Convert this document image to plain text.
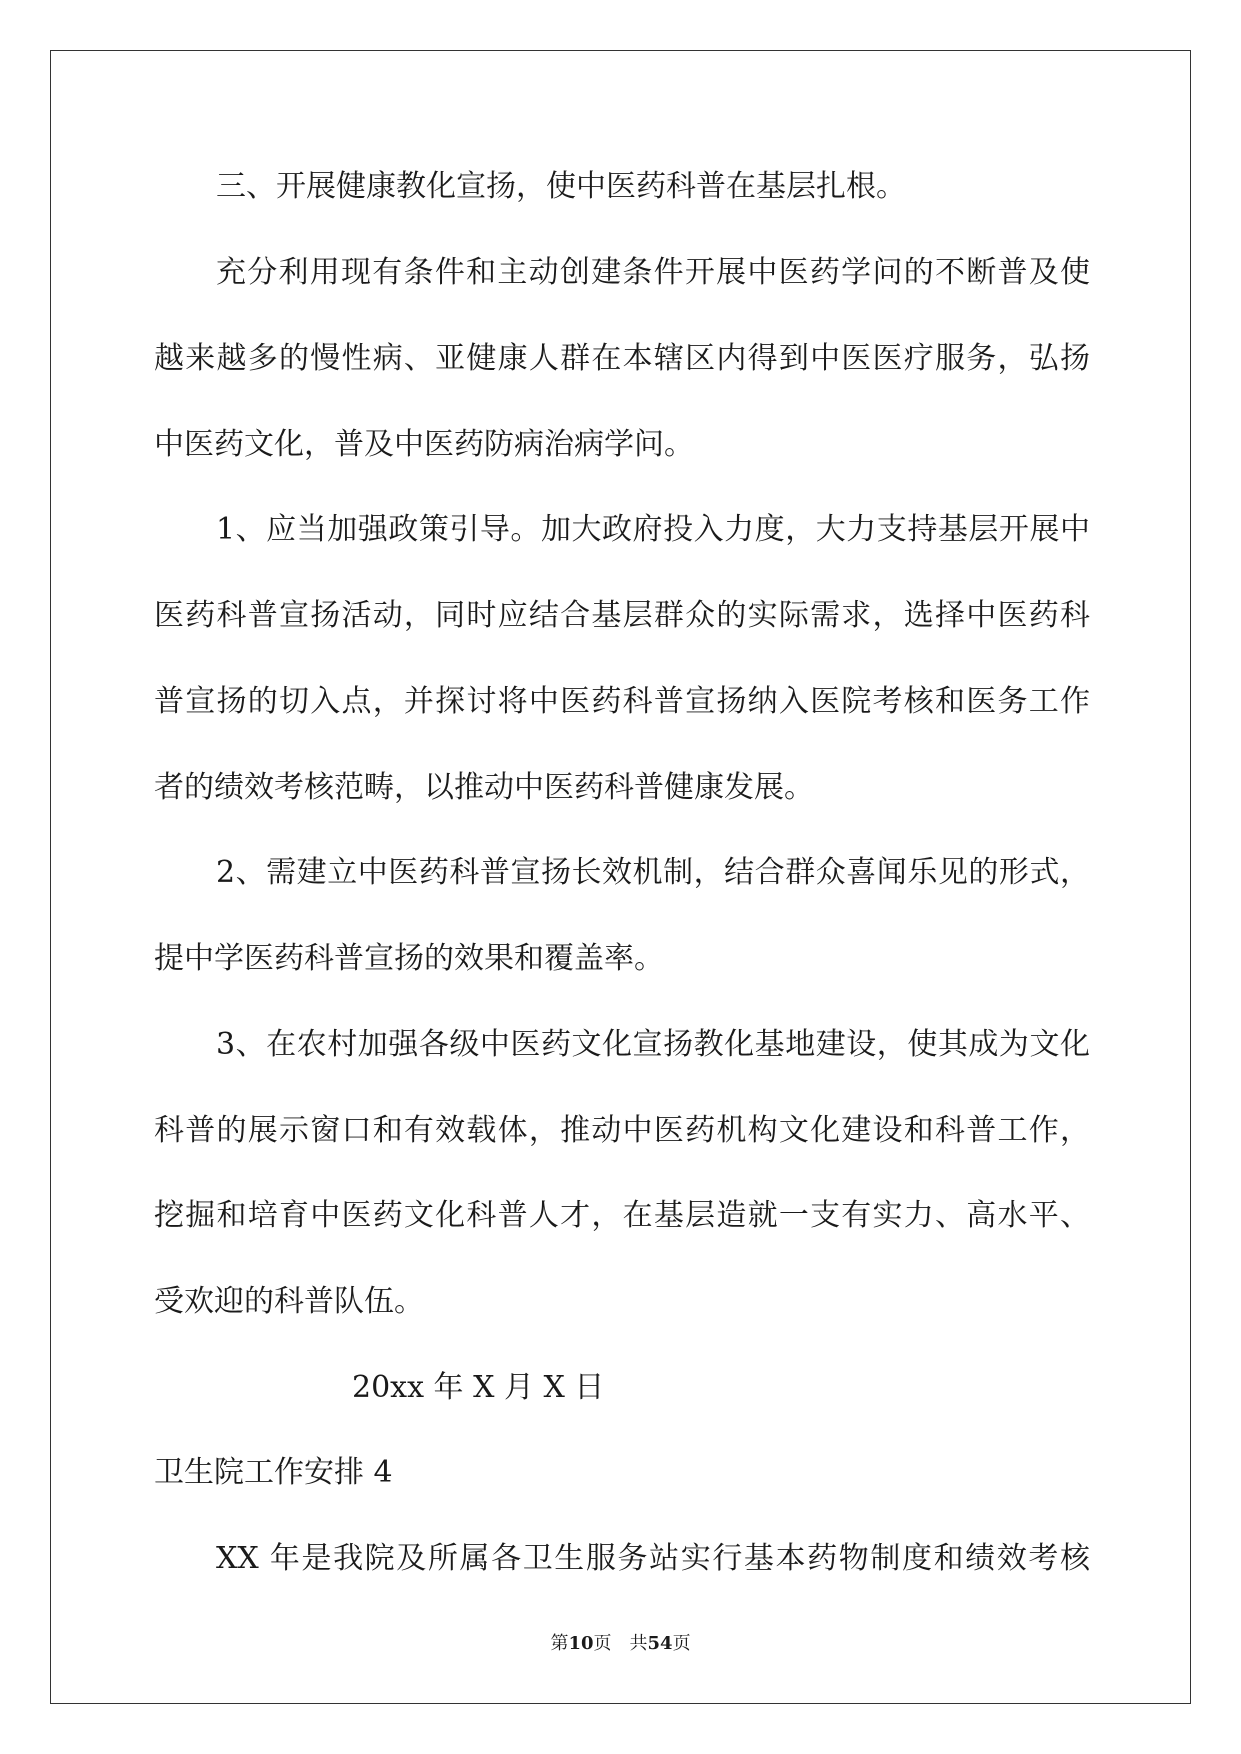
三、开展健康教化宣扬，使中医药科普在基层扎根。
充分利用现有条件和主动创建条件开展中医药学问的不断普及使
越来越多的慢性病、亚健康人群在本辖区内得到中医医疗服务，弘扬
中医药文化，普及中医药防病治病学问。
1、应当加强政策引导。加大政府投入力度，大力支持基层开展中
医药科普宣扬活动，同时应结合基层群众的实际需求，选择中医药科
普宣扬的切入点，并探讨将中医药科普宣扬纳入医院考核和医务工作
者的绩效考核范畴，以推动中医药科普健康发展。
2、需建立中医药科普宣扬长效机制，结合群众喜闻乐见的形式，
提中学医药科普宣扬的效果和覆盖率。
3、在农村加强各级中医药文化宣扬教化基地建设，使其成为文化
科普的展示窗口和有效载体，推动中医药机构文化建设和科普工作，
挖掘和培育中医药文化科普人才，在基层造就一支有实力、高水平、
受欢迎的科普队伍。
20xx 年 X 月 X 日
卫生院工作安排 4
XX 年是我院及所属各卫生服务站实行基本药物制度和绩效考核
第10页　共54页
